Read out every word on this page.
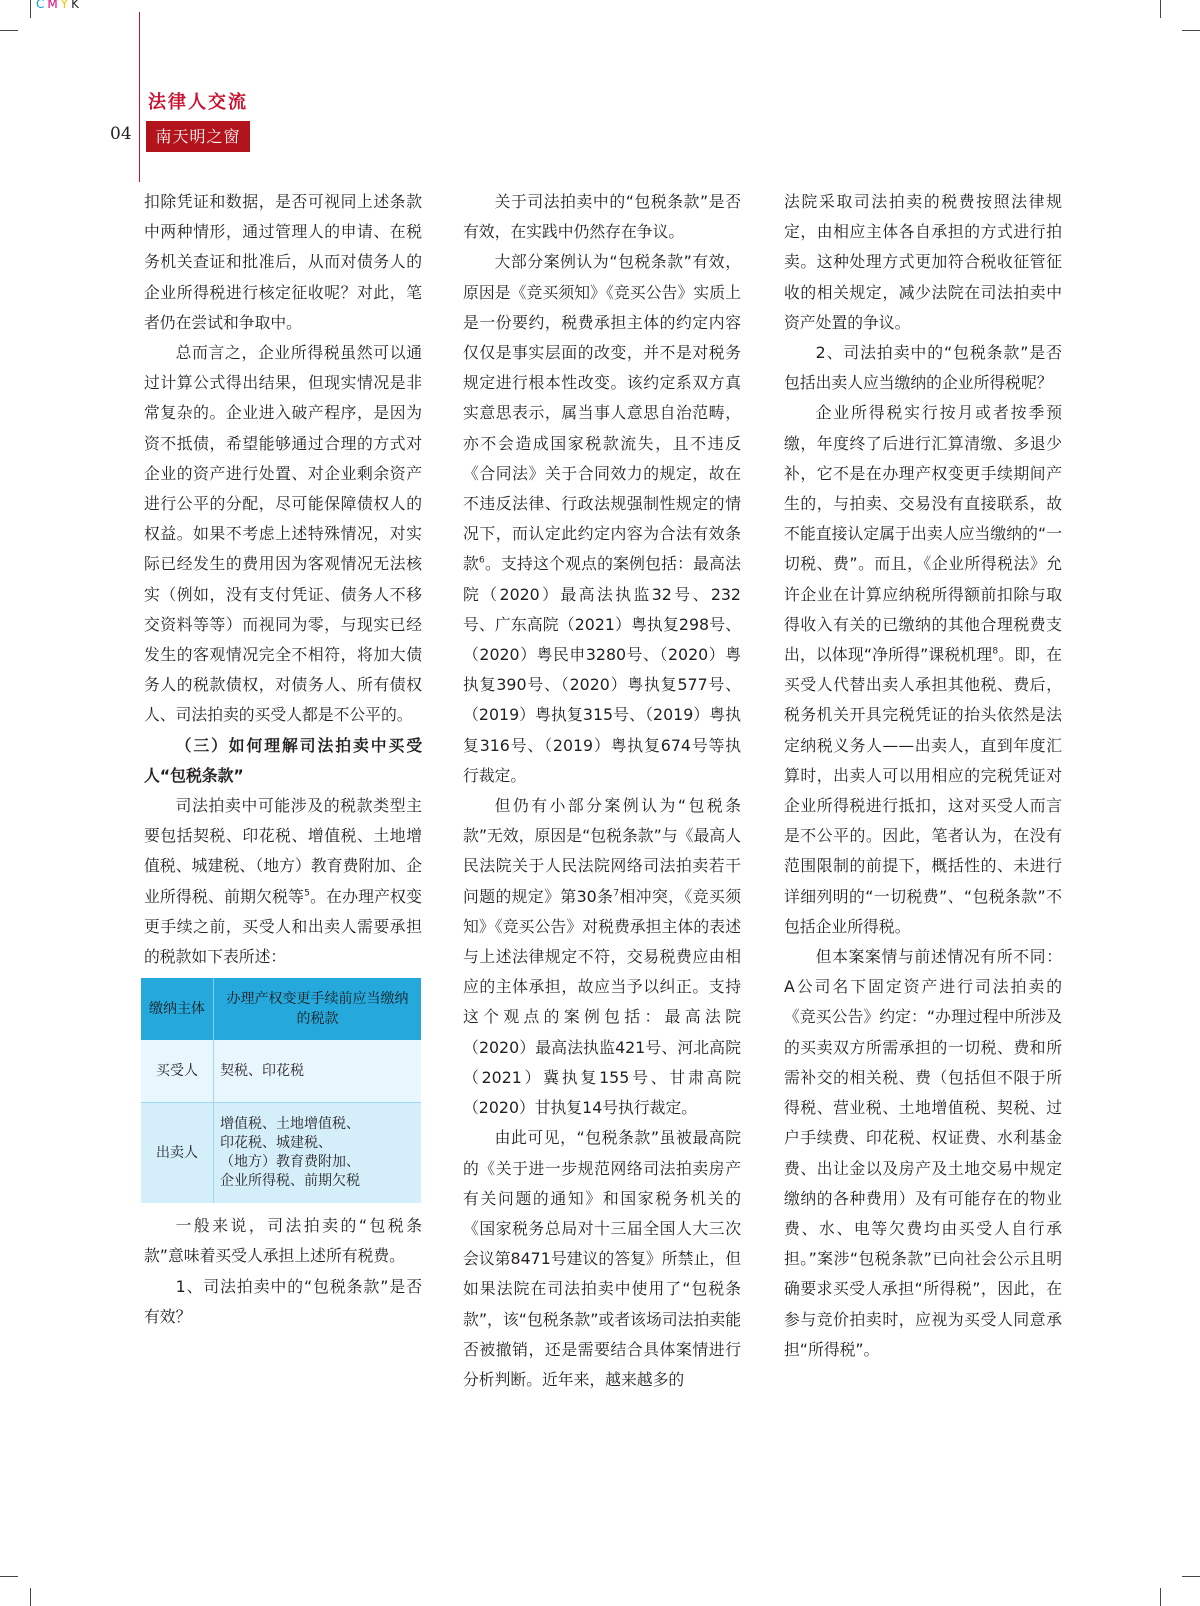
CMYK
法律人交流
04	南天明之窗

扣除凭证和数据，是否可视同上述条款中两种情形，通过管理人的申请、在税务机关查证和批准后，从而对债务人的企业所得税进行核定征收呢？对此，笔者仍在尝试和争取中。

总而言之，企业所得税虽然可以通过计算公式得出结果，但现实情况是非常复杂的。企业进入破产程序，是因为资不抵债，希望能够通过合理的方式对企业的资产进行处置、对企业剩余资产进行公平的分配，尽可能保障债权人的权益。如果不考虑上述特殊情况，对实际已经发生的费用因为客观情况无法核实（例如，没有支付凭证、债务人不移交资料等等）而视同为零，与现实已经发生的客观情况完全不相符，将加大债务人的税款债权，对债务人、所有债权人、司法拍卖的买受人都是不公平的。

（三）如何理解司法拍卖中买受人“包税条款”

司法拍卖中可能涉及的税款类型主要包括契税、印花税、增值税、土地增值税、城建税、（地方）教育费附加、企业所得税、前期欠税等$^5$。在办理产权变更手续之前，买受人和出卖人需要承担的税款如下表所述：

缴纳主体	办理产权变更手续前应当缴纳的税款
买受人	契税、印花税

出卖人	增值税、土地增值税、
印花税、城建税、
（地方）教育费附加、
企业所得税、前期欠税

一般来说，司法拍卖的“包税条款”意味着买受人承担上述所有税费。

1、司法拍卖中的“包税条款”是否有效？

关于司法拍卖中的“包税条款”是否有效，在实践中仍然存在争议。

大部分案例认为“包税条款”有效，原因是《竞买须知》《竞买公告》实质上是一份要约，税费承担主体的约定内容仅仅是事实层面的改变，并不是对税务规定进行根本性改变。该约定系双方真实意思表示，属当事人意思自治范畴，亦不会造成国家税款流失，且不违反《合同法》关于合同效力的规定，故在不违反法律、行政法规强制性规定的情况下，而认定此约定内容为合法有效条款$^6$。支持这个观点的案例包括：最高法院（2020）最高法执监32号、232号、广东高院（2021）粤执复298号、（2020）粤民申3280号、（2020）粤执复390号、（2020）粤执复577号、（2019）粤执复315号、（2019）粤执复316号、（2019）粤执复674号等执行裁定。

但仍有小部分案例认为“包税条款”无效，原因是“包税条款”与《最高人民法院关于人民法院网络司法拍卖若干问题的规定》第30条$^7$相冲突，《竞买须知》《竞买公告》对税费承担主体的表述与上述法律规定不符，交易税费应由相应的主体承担，故应当予以纠正。支持这个观点的案例包括：最高法院（2020）最高法执监421号、河北高院（2021）冀执复155号、甘肃高院（2020）甘执复14号执行裁定。

由此可见，“包税条款”虽被最高院的《关于进一步规范网络司法拍卖房产有关问题的通知》和国家税务机关的《国家税务总局对十三届全国人大三次会议第8471号建议的答复》所禁止，但如果法院在司法拍卖中使用了“包税条款”，该“包税条款”或者该场司法拍卖能否被撤销，还是需要结合具体案情进行分析判断。近年来，越来越多的

法院采取司法拍卖的税费按照法律规定，由相应主体各自承担的方式进行拍卖。这种处理方式更加符合税收征管征收的相关规定，减少法院在司法拍卖中资产处置的争议。

2、司法拍卖中的“包税条款”是否包括出卖人应当缴纳的企业所得税呢？

企业所得税实行按月或者按季预缴，年度终了后进行汇算清缴、多退少补，它不是在办理产权变更手续期间产生的，与拍卖、交易没有直接联系，故不能直接认定属于出卖人应当缴纳的“一切税、费”。而且，《企业所得税法》允许企业在计算应纳税所得额前扣除与取得收入有关的已缴纳的其他合理税费支出，以体现“净所得”课税机理$^8$。即，在买受人代替出卖人承担其他税、费后，税务机关开具完税凭证的抬头依然是法定纳税义务人——出卖人，直到年度汇算时，出卖人可以用相应的完税凭证对企业所得税进行抵扣，这对买受人而言是不公平的。因此，笔者认为，在没有范围限制的前提下，概括性的、未进行详细列明的“一切税费”、“包税条款”不包括企业所得税。

但本案案情与前述情况有所不同：A公司名下固定资产进行司法拍卖的《竞买公告》约定：“办理过程中所涉及的买卖双方所需承担的一切税、费和所需补交的相关税、费（包括但不限于所得税、营业税、土地增值税、契税、过户手续费、印花税、权证费、水利基金费、出让金以及房产及土地交易中规定缴纳的各种费用）及有可能存在的物业费、水、电等欠费均由买受人自行承担。”案涉“包税条款”已向社会公示且明确要求买受人承担“所得税”，因此，在参与竞价拍卖时，应视为买受人同意承担“所得税”。
